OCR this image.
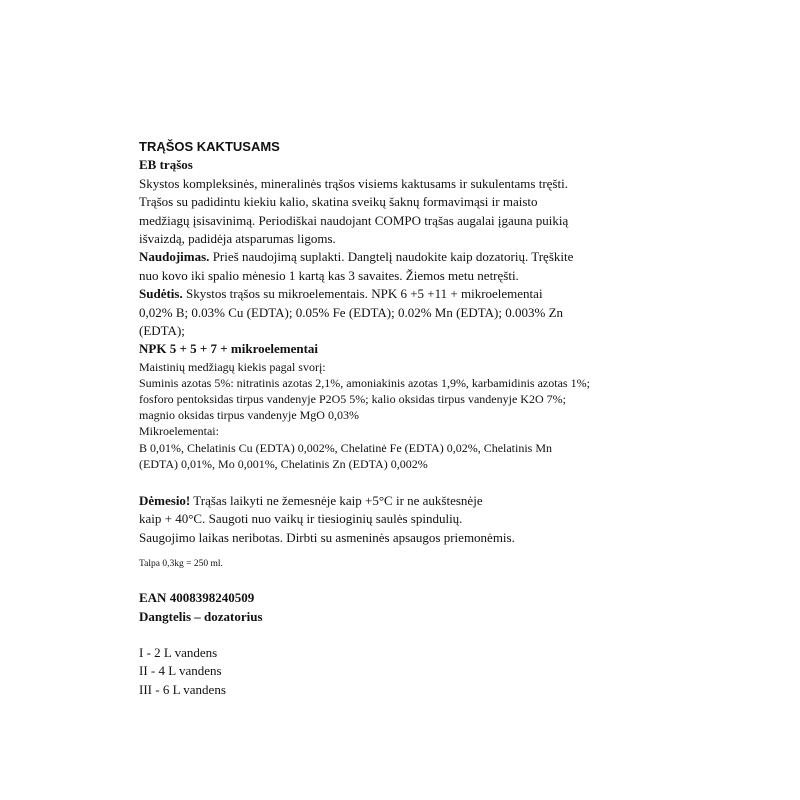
TRĄŠOS KAKTUSAMS
EB trąšos
Skystos kompleksinės, mineralinės trąšos visiems kaktusams ir sukulentams tręšti.
Trąšos su padidintu kiekiu kalio, skatina sveikų šaknų formavimąsi ir maisto
medžiagų įsisavinimą. Periodiškai naudojant COMPO trąšas augalai įgauna puikią
išvaizdą, padidėja atsparumas ligoms.
Naudojimas. Prieš naudojimą suplakti. Dangtelį naudokite kaip dozatorių. Tręškite
nuo kovo iki spalio mėnesio 1 kartą kas 3 savaites. Žiemos metu netręšti.
Sudėtis. Skystos trąšos su mikroelementais. NPK 6 +5 +11 + mikroelementai
0,02% B; 0.03% Cu (EDTA); 0.05% Fe (EDTA); 0.02% Mn (EDTA); 0.003% Zn
(EDTA);
NPK 5 + 5 + 7 + mikroelementai
Maistinių medžiagų kiekis pagal svorį:
Suminis azotas 5%: nitratinis azotas 2,1%, amoniakinis azotas 1,9%, karbamidinis azotas 1%;
fosforo pentoksidas tirpus vandenyje P2O5 5%; kalio oksidas tirpus vandenyje K2O 7%;
magnio oksidas tirpus vandenyje MgO 0,03%
Mikroelementai:
B 0,01%, Chelatinis Cu (EDTA) 0,002%, Chelatinė Fe (EDTA) 0,02%, Chelatinis Mn
(EDTA) 0,01%, Mo 0,001%, Chelatinis Zn (EDTA) 0,002%
Dėmesio! Trąšas laikyti ne žemesnėje kaip +5°C ir ne aukštesnėje
kaip + 40°C. Saugoti nuo vaikų ir tiesioginių saulės spindulių.
Saugojimo laikas neribotas. Dirbti su asmeninės apsaugos priemonėmis.
Talpa 0,3kg = 250 ml.
EAN 4008398240509
Dangtelis – dozatorius
I - 2 L vandens
II - 4 L vandens
III - 6 L vandens
